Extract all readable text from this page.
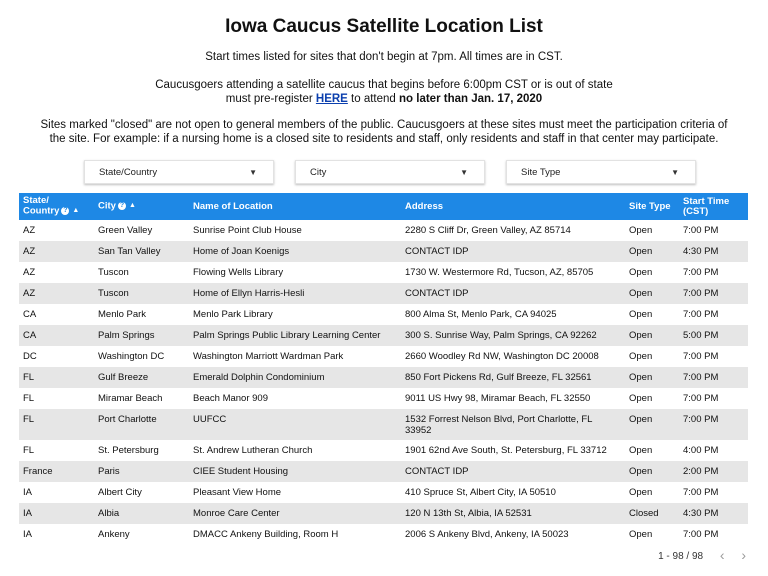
Iowa Caucus Satellite Location List
Start times listed for sites that don't begin at 7pm. All times are in CST.
Caucusgoers attending a satellite caucus that begins before 6:00pm CST or is out of state
must pre-register HERE to attend no later than Jan. 17, 2020
Sites marked "closed" are not open to general members of the public. Caucusgoers at these sites must meet the participation criteria of
the site. For example: if a nursing home is a closed site to residents and staff, only residents and staff in that center may participate.
State/Country	▼	City	▼	Site Type	▼
State/
Country ? ▲	City ? ▲	Name of Location	Address	Site Type	Start Time
(CST)
AZ	Green Valley	Sunrise Point Club House	2280 S Cliff Dr, Green Valley, AZ 85714	Open	7:00 PM
AZ	San Tan Valley	Home of Joan Koenigs	CONTACT IDP	Open	4:30 PM
AZ	Tuscon	Flowing Wells Library	1730 W. Westermore Rd, Tucson, AZ, 85705	Open	7:00 PM
AZ	Tuscon	Home of Ellyn Harris-Hesli	CONTACT IDP	Open	7:00 PM
CA	Menlo Park	Menlo Park Library	800 Alma St, Menlo Park, CA 94025	Open	7:00 PM
CA	Palm Springs	Palm Springs Public Library Learning Center	300 S. Sunrise Way, Palm Springs, CA 92262	Open	5:00 PM
DC	Washington DC	Washington Marriott Wardman Park	2660 Woodley Rd NW, Washington DC 20008	Open	7:00 PM
FL	Gulf Breeze	Emerald Dolphin Condominium	850 Fort Pickens Rd, Gulf Breeze, FL 32561	Open	7:00 PM
FL	Miramar Beach	Beach Manor 909	9011 US Hwy 98, Miramar Beach, FL 32550	Open	7:00 PM
FL	Port Charlotte	UUFCC	1532 Forrest Nelson Blvd, Port Charlotte, FL 33952	Open	7:00 PM
FL	St. Petersburg	St. Andrew Lutheran Church	1901 62nd Ave South, St. Petersburg, FL 33712	Open	4:00 PM
France	Paris	CIEE Student Housing	CONTACT IDP	Open	2:00 PM
IA	Albert City	Pleasant View Home	410 Spruce St, Albert City, IA 50510	Open	7:00 PM
IA	Albia	Monroe Care Center	120 N 13th St, Albia, IA 52531	Closed	4:30 PM
IA	Ankeny	DMACC Ankeny Building, Room H	2006 S Ankeny Blvd, Ankeny, IA 50023	Open	7:00 PM
1 - 98 / 98 ‹ ›
